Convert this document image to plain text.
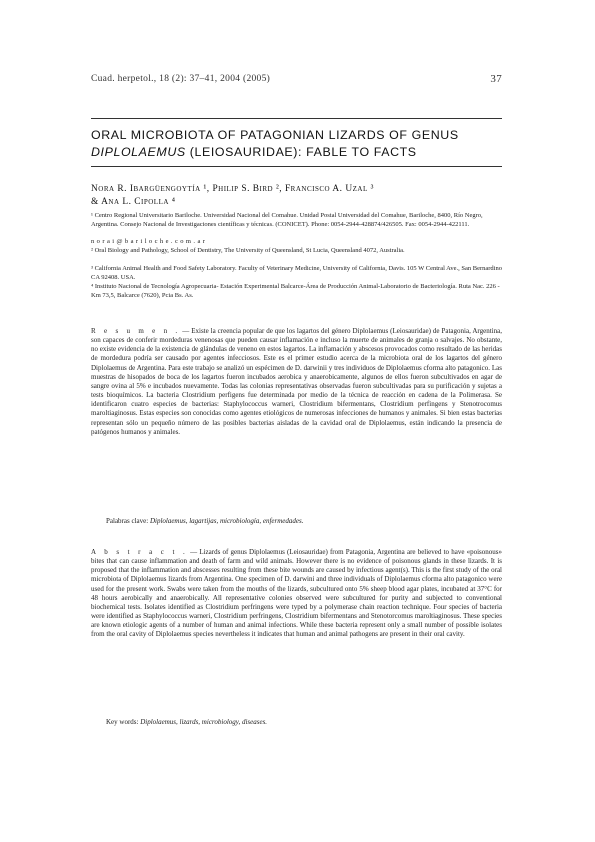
Cuad. herpetol., 18 (2): 37–41, 2004 (2005)	37
ORAL MICROBIOTA OF PATAGONIAN LIZARDS OF GENUS
DIPLOLAEMUS (LEIOSAURIDAE): FABLE TO FACTS
Nora R. Ibargüengoytía ¹, Philip S. Bird ², Francisco A. Uzal ³
& Ana L. Cipolla ⁴
¹ Centro Regional Universitario Bariloche. Universidad Nacional del Comahue. Unidad Postal Universidad del Comahue, Bariloche, 8400, Río Negro, Argentina. Consejo Nacional de Investigaciones científicas y técnicas. (CONICET). Phone: 0054-2944-428874/426505. Fax: 0054-2944-422111.
n o r a i @ b a r i l o c h e . c o m . a r
² Oral Biology and Pathology, School of Dentistry, The University of Queensland, St Lucia, Queensland 4072, Australia.
³ California Animal Health and Food Safety Laboratory. Faculty of Veterinary Medicine, University of California, Davis. 105 W Central Ave., San Bernardino CA 92408. USA.
⁴ Instituto Nacional de Tecnología Agropecuaria- Estación Experimental Balcarce-Área de Producción Animal-Laboratorio de Bacteriología. Ruta Nac. 226 - Km 73,5, Balcarce (7620), Pcia Bs. As.
R e s u m e n . — Existe la creencia popular de que los lagartos del género Diplolaemus (Leiosauridae) de Patagonia, Argentina, son capaces de conferir mordeduras venenosas que pueden causar inflamación e incluso la muerte de animales de granja o salvajes. No obstante, no existe evidencia de la existencia de glándulas de veneno en estos lagartos. La inflamación y abscesos provocados como resultado de las heridas de mordedura podría ser causado por agentes infecciosos. Este es el primer estudio acerca de la microbiota oral de los lagartos del género Diplolaemus de Argentina. Para este trabajo se analizó un espécimen de D. darwinii y tres individuos de Diplolaemus cforma alto patagonico. Las muestras de hisopados de boca de los lagartos fueron incubados aerobica y anaerobicamente, algunos de ellos fueron subcultivados en agar de sangre ovina al 5% e incubados nuevamente. Todas las colonias representativas observadas fueron subcultivadas para su purificación y sujetas a tests bioquímicos. La bacteria Clostridium perfigens fue determinada por medio de la técnica de reacción en cadena de la Polimerasa. Se identificaron cuatro especies de bacterias: Staphylococcus warneri, Clostridium bifermentans, Clostridium perfingens y Stenotrocomus maroltiaginosus. Estas especies son conocidas como agentes etiológicos de numerosas infecciones de humanos y animales. Si bien estas bacterias representan sólo un pequeño número de las posibles bacterias aisladas de la cavidad oral de Diplolaemus, están indicando la presencia de patógenos humanos y animales.
Palabras clave: Diplolaemus, lagartijas, microbiología, enfermedades.
A b s t r a c t . — Lizards of genus Diplolaemus (Leiosauridae) from Patagonia, Argentina are believed to have «poisonous» bites that can cause inflammation and death of farm and wild animals. However there is no evidence of poisonous glands in these lizards. It is proposed that the inflammation and abscesses resulting from these bite wounds are caused by infectious agent(s). This is the first study of the oral microbiota of Diplolaemus lizards from Argentina. One specimen of D. darwini and three individuals of Diplolaemus cforma alto patagonico were used for the present work. Swabs were taken from the mouths of the lizards, subcultured onto 5% sheep blood agar plates, incubated at 37°C for 48 hours aerobically and anaerobically. All representative colonies observed were subcultured for purity and subjected to conventional biochemical tests. Isolates identified as Clostridium perfringens were typed by a polymerase chain reaction technique. Four species of bacteria were identified as Staphylococcus warneri, Clostridium perfringens, Clostridium bifermentans and Stenotorcomus maroltiaginosus. These species are known etiologic agents of a number of human and animal infections. While these bacteria represent only a small number of possible isolates from the oral cavity of Diplolaemus species nevertheless it indicates that human and animal pathogens are present in their oral cavity.
Key words: Diplolaemus, lizards, microbiology, diseases.
